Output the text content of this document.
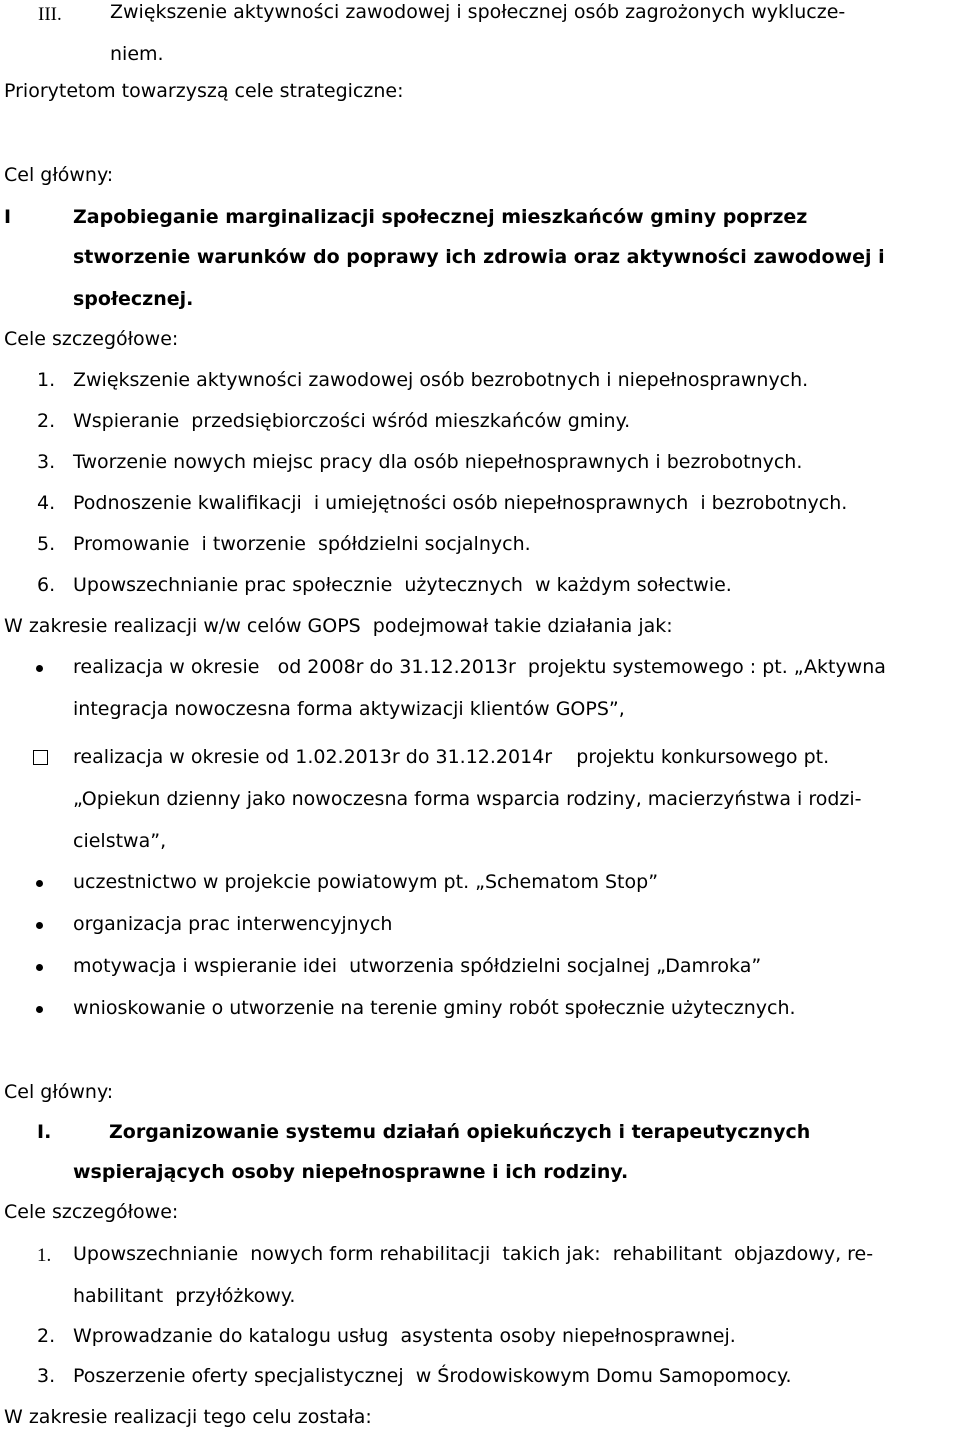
III.	Zwiększenie aktywności zawodowej i społecznej osób zagrożonych wyklucze-
niem.
Priorytetom towarzyszą cele strategiczne:
Cel główny:
I	Zapobieganie marginalizacji społecznej mieszkańców gminy poprzez
stworzenie warunków do poprawy ich zdrowia oraz aktywności zawodowej i
społecznej.
Cele szczegółowe:
1. Zwiększenie aktywności zawodowej osób bezrobotnych i niepełnosprawnych.
2. Wspieranie  przedsiębiorczości wśród mieszkańców gminy.
3. Tworzenie nowych miejsc pracy dla osób niepełnosprawnych i bezrobotnych.
4. Podnoszenie kwalifikacji  i umiejętności osób niepełnosprawnych  i bezrobotnych.
5. Promowanie  i tworzenie  spółdzielni socjalnych.
6. Upowszechnianie prac społecznie  użytecznych  w każdym sołectwie.
W zakresie realizacji w/w celów GOPS  podejmował takie działania jak:
realizacja w okresie   od 2008r do 31.12.2013r  projektu systemowego : pt. „Aktywna
integracja nowoczesna forma aktywizacji klientów GOPS”,
realizacja w okresie od 1.02.2013r do 31.12.2014r    projektu konkursowego pt.
„Opiekun dzienny jako nowoczesna forma wsparcia rodziny, macierzyństwa i rodzi-
cielstwa”,
uczestnictwo w projekcie powiatowym pt. „Schematom Stop”
organizacja prac interwencyjnych
motywacja i wspieranie idei  utworzenia spółdzielni socjalnej „Damroka”
wnioskowanie o utworzenie na terenie gminy robót społecznie użytecznych.
Cel główny:
I.	Zorganizowanie systemu działań opiekuńczych i terapeutycznych
wspierających osoby niepełnosprawne i ich rodziny.
Cele szczegółowe:
1. Upowszechnianie  nowych form rehabilitacji  takich jak:  rehabilitant  objazdowy, re-
habilitant  przyłóżkowy.
2. Wprowadzanie do katalogu usług  asystenta osoby niepełnosprawnej.
3. Poszerzenie oferty specjalistycznej  w Środowiskowym Domu Samopomocy.
W zakresie realizacji tego celu została:
